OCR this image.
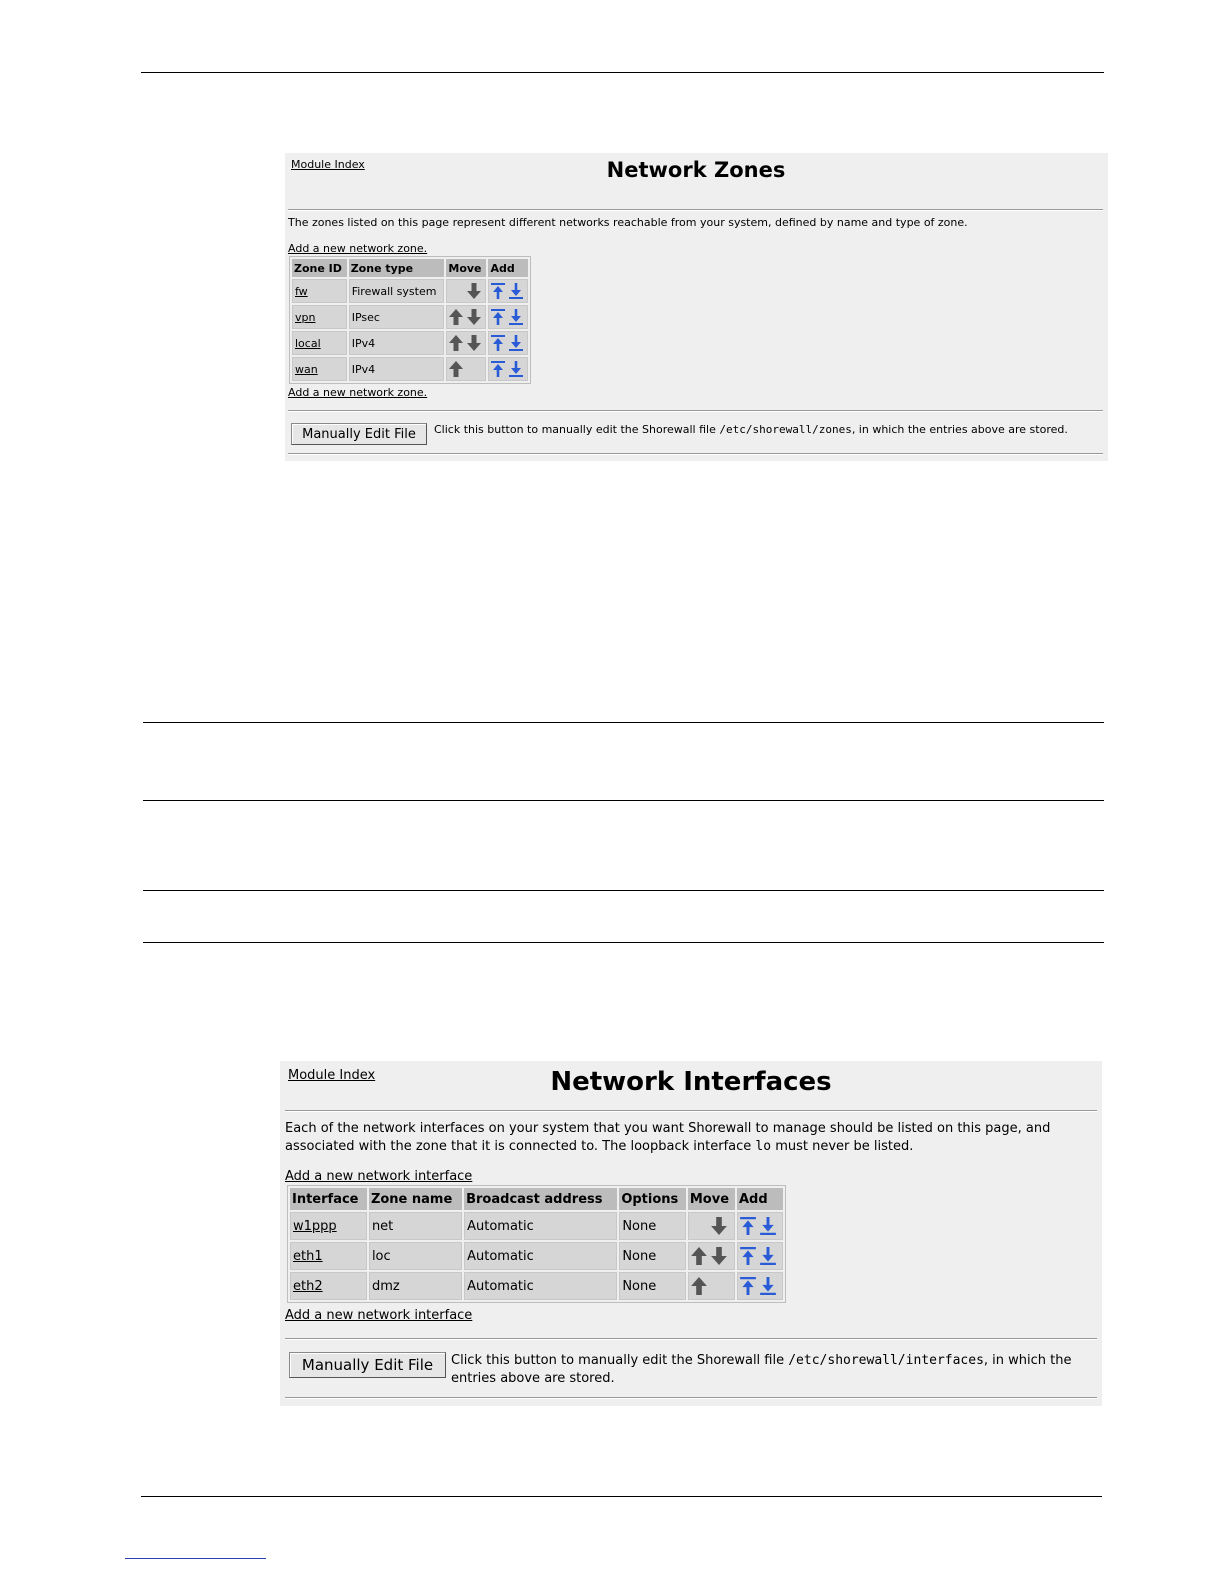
Module Index	Network Zones

The zones listed on this page represent different networks reachable from your system, defined by name and type of zone.

Add a new network zone.
Zone ID	Zone type	Move	Add
fw	Firewall system	

vpn	IPsec	

local	IPv4	

wan	IPv4	

Add a new network zone.
Manually Edit File	Click this button to manually edit the Shorewall file /etc/shorewall/zones, in which the entries above are stored.

Module Index	Network Interfaces

Each of the network interfaces on your system that you want Shorewall to manage should be listed on this page, and associated with the zone that it is connected to. The loopback interface lo must never be listed.

Add a new network interface
Interface	Zone name	Broadcast address	Options	Move	Add
w1ppp	net	Automatic	None	

eth1	loc	Automatic	None	

eth2	dmz	Automatic	None	

Add a new network interface
Manually Edit File	Click this button to manually edit the Shorewall file /etc/shorewall/interfaces, in which the entries above are stored.
